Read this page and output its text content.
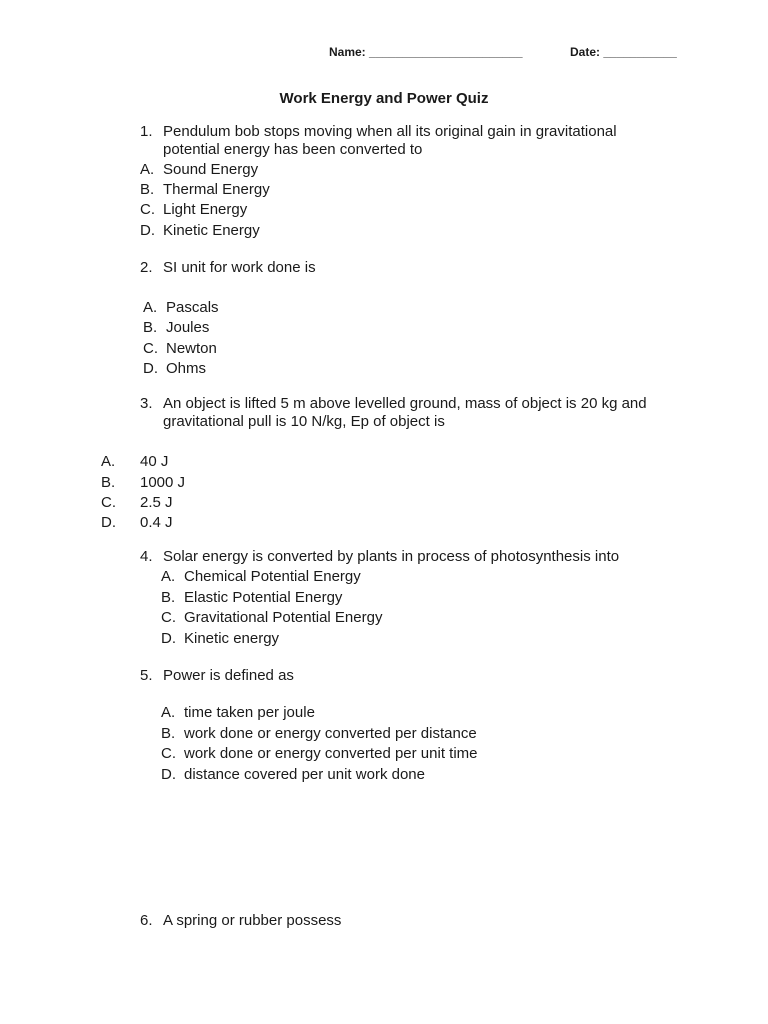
Name: _______________________	Date: ___________
Work Energy and Power Quiz
1. Pendulum bob stops moving when all its original gain in gravitational
potential energy has been converted to
A. Sound Energy
B. Thermal Energy
C. Light Energy
D. Kinetic Energy
2. SI unit for work done is
A. Pascals
B. Joules
C. Newton
D. Ohms
3. An object is lifted 5 m above levelled ground, mass of object is 20 kg and
gravitational pull is 10 N/kg, Ep of object is
A. 40 J
B. 1000 J
C. 2.5 J
D. 0.4 J
4. Solar energy is converted by plants in process of photosynthesis into
A. Chemical Potential Energy
B. Elastic Potential Energy
C. Gravitational Potential Energy
D. Kinetic energy
5. Power is defined as
A. time taken per joule
B. work done or energy converted per distance
C. work done or energy converted per unit time
D. distance covered per unit work done
6. A spring or rubber possess
